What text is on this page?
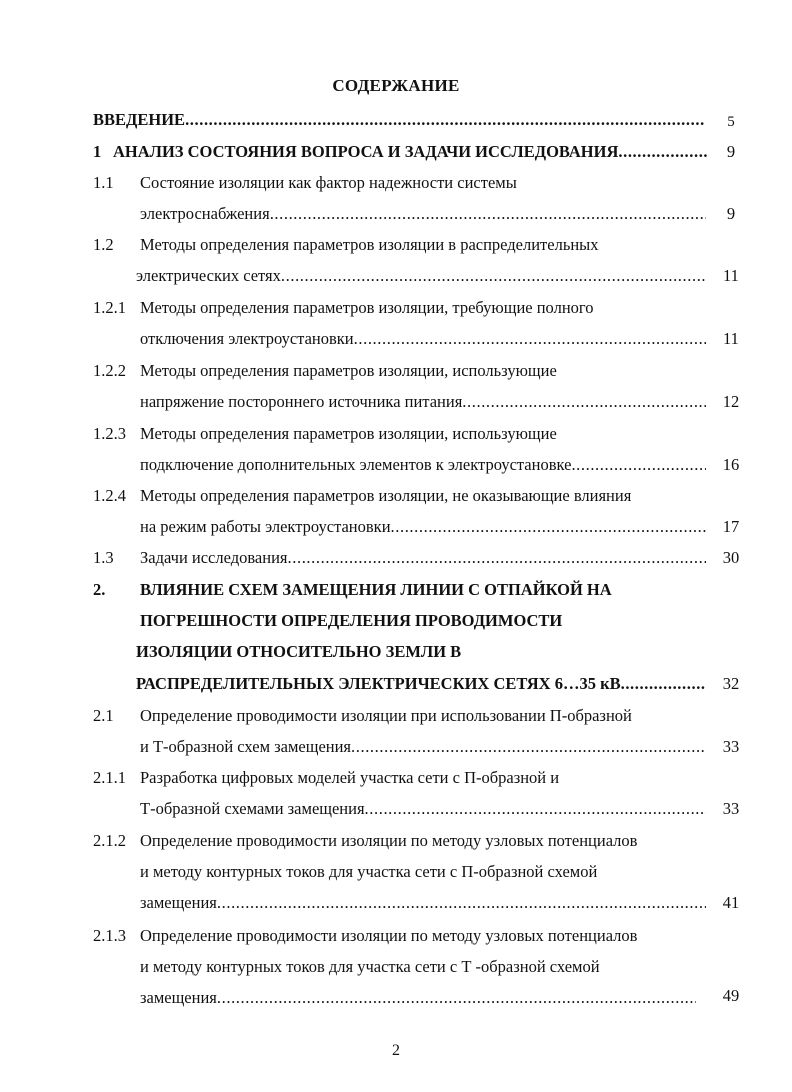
СОДЕРЖАНИЕ
ВВЕДЕНИЕ .....	5
1 АНАЛИЗ СОСТОЯНИЯ ВОПРОСА И ЗАДАЧИ ИССЛЕДОВАНИЯ .....	9
1.1 Состояние изоляции как фактор надежности системы
электроснабжения .....	9
1.2 Методы определения параметров изоляции в распределительных
электрических сетях .....	11
1.2.1 Методы определения параметров изоляции, требующие полного
отключения электроустановки .....	11
1.2.2 Методы определения параметров изоляции, использующие
напряжение постороннего источника питания .....	12
1.2.3 Методы определения параметров изоляции, использующие
подключение дополнительных элементов к электроустановке .....	16
1.2.4 Методы определения параметров изоляции, не оказывающие влияния
на режим работы электроустановки .....	17
1.3 Задачи исследования .....	30
2. ВЛИЯНИЕ СХЕМ ЗАМЕЩЕНИЯ ЛИНИИ С ОТПАЙКОЙ НА
ПОГРЕШНОСТИ ОПРЕДЕЛЕНИЯ ПРОВОДИМОСТИ
ИЗОЛЯЦИИ ОТНОСИТЕЛЬНО ЗЕМЛИ В
РАСПРЕДЕЛИТЕЛЬНЫХ ЭЛЕКТРИЧЕСКИХ СЕТЯХ 6…35 кВ .....	32
2.1 Определение проводимости изоляции при использовании П-образной
и Т-образной схем замещения .....	33
2.1.1 Разработка цифровых моделей участка сети с П-образной и
Т-образной схемами замещения .....	33
2.1.2 Определение проводимости изоляции по методу узловых потенциалов
и методу контурных токов для участка сети с П-образной схемой
замещения .....	41
2.1.3 Определение проводимости изоляции по методу узловых потенциалов
и методу контурных токов для участка сети с Т -образной схемой
замещения .....	49
2
